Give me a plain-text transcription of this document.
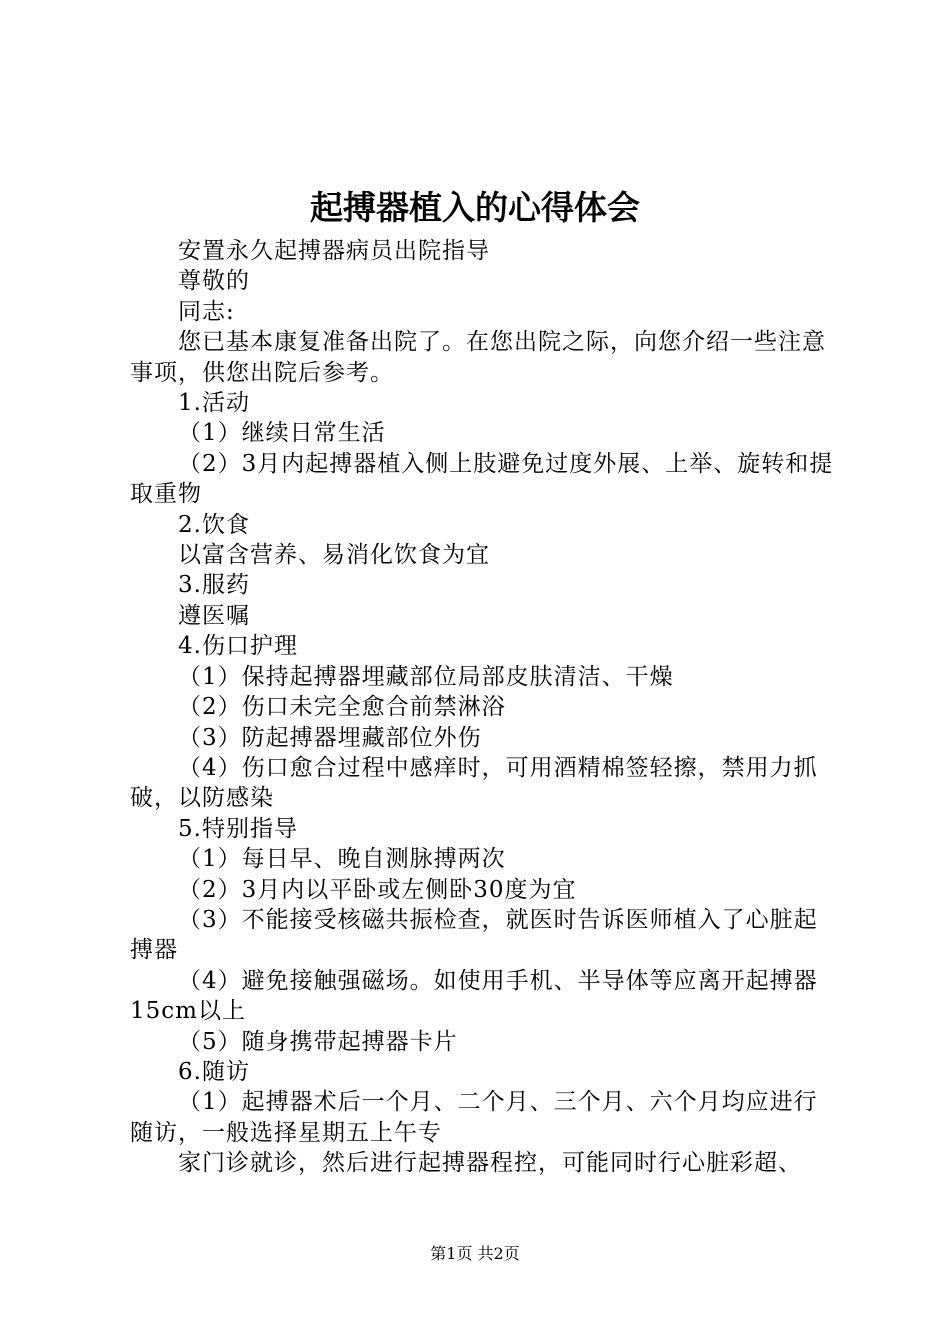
起搏器植入的心得体会

安置永久起搏器病员出院指导

尊敬的

同志:

您已基本康复准备出院了。在您出院之际，向您介绍一些注意事项，供您出院后参考。

1.活动

（1）继续日常生活

（2）3月内起搏器植入侧上肢避免过度外展、上举、旋转和提取重物

2.饮食

以富含营养、易消化饮食为宜

3.服药

遵医嘱

4.伤口护理

（1）保持起搏器埋藏部位局部皮肤清洁、干燥

（2）伤口未完全愈合前禁淋浴

（3）防起搏器埋藏部位外伤

（4）伤口愈合过程中感痒时，可用酒精棉签轻擦，禁用力抓破，以防感染

5.特别指导

（1）每日早、晚自测脉搏两次

（2）3月内以平卧或左侧卧30度为宜

（3）不能接受核磁共振检查，就医时告诉医师植入了心脏起搏器

（4）避免接触强磁场。如使用手机、半导体等应离开起搏器15cm以上

（5）随身携带起搏器卡片

6.随访

（1）起搏器术后一个月、二个月、三个月、六个月均应进行随访，一般选择星期五上午专

家门诊就诊，然后进行起搏器程控，可能同时行心脏彩超、

第1页 共2页
